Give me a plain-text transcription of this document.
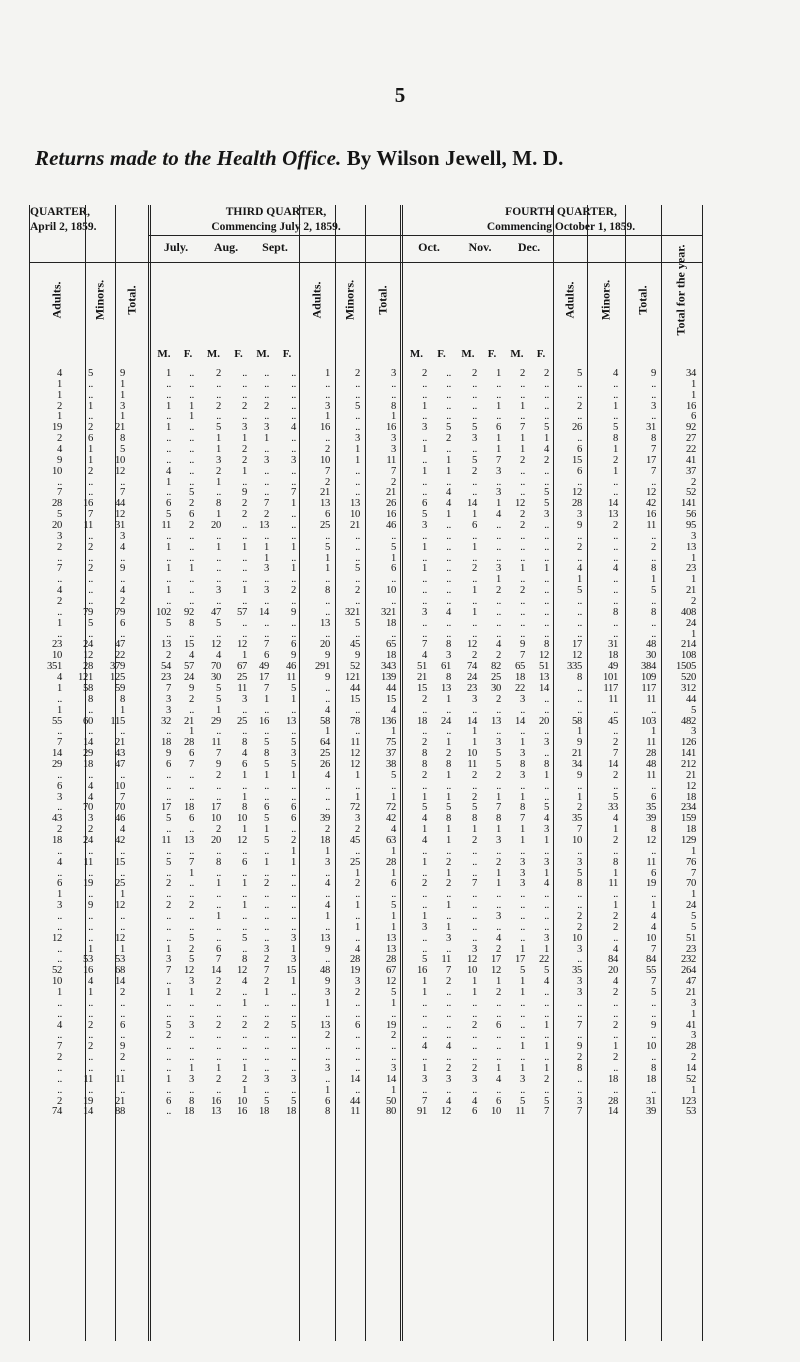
5
Returns made to the Health Office. By Wilson Jewell, M. D.
QUARTER,
April 2, 1859.
THIRD QUARTER,
Commencing July 2, 1859.
FOURTH QUARTER,
Commencing October 1, 1859.
Adults. Minors. Total.	Adults. Minors. Total.	Adults. Minors. Total. Total for the year.
July.	Aug.	Sept.	Oct.	Nov.	Dec.
M.	F.	M.	F.	M.	F.	M.	F.	M.	F.	M.	F.
4	5	9	1	..	2	..	..	..	1	2	3	2	..	2	1	2	2	5	4	9	34
1	..	1	..	..	..	..	..	..	..	..	..	..	..	..	..	..	..	..	..	..	1
1	..	1	..	..	..	..	..	..	..	..	..	..	..	..	..	..	..	..	..	..	1
2	1	3	1	1	2	2	2	..	3	5	8	1	..	..	1	1	..	2	1	3	16
1	..	1	..	1	..	..	..	..	1	..	1	..	..	..	..	..	..	..	..	..	6
19	2	21	1	..	5	3	3	4	16	..	16	3	5	5	6	7	5	26	5	31	92
2	6	8	..	..	1	1	1	..	..	3	3	..	2	3	1	1	1	..	8	8	27
4	1	5	..	..	1	2	..	..	2	1	3	1	..	..	1	1	4	6	1	7	22
9	1	10	..	..	3	2	3	3	10	1	11	..	1	5	7	2	2	15	2	17	41
10	2	12	4	..	2	1	..	..	7	..	7	1	1	2	3	..	..	6	1	7	37
..	..	..	1	..	1	..	..	..	2	..	2	..	..	..	..	..	..	..	..	..	2
7	..	7	..	5	..	9	..	7	21	..	21	..	4	..	3	..	5	12	..	12	52
28	16	44	6	2	8	2	7	1	13	13	26	6	4	14	1	12	5	28	14	42	141
5	7	12	5	6	1	2	2	..	6	10	16	5	1	1	4	2	3	3	13	16	56
20	11	31	11	2	20	..	13	..	25	21	46	3	..	6	..	2	..	9	2	11	95
3	..	3	..	..	..	..	..	..	..	..	..	..	..	..	..	..	..	..	..	..	3
2	2	4	1	..	1	1	1	1	5	..	5	1	..	1	..	..	..	2	..	2	13
..	..	..	..	..	..	..	1	..	1	..	1	..	..	..	..	..	..	..	..	..	1
7	2	9	1	1	..	..	3	1	1	5	6	1	..	2	3	1	1	4	4	8	23
..	..	..	..	..	..	..	..	..	..	..	..	..	..	..	1	..	..	1	..	1	1
4	..	4	1	..	3	1	3	2	8	2	10	..	..	1	2	2	..	5	..	5	21
2	..	2	..	..	..	..	..	..	..	..	..	..	..	..	..	..	..	..	..	..	2
..	79	79	102	92	47	57	14	9	..	321	321	3	4	1	..	..	..	..	8	8	408
1	5	6	5	8	5	..	..	..	13	5	18	..	..	..	..	..	..	..	..	..	24
..	..	..	..	..	..	..	..	..	..	..	..	..	..	..	..	..	..	..	..	..	1
23	24	47	13	15	12	12	7	6	20	45	65	7	8	12	4	9	8	17	31	48	214
10	12	22	2	4	4	1	6	9	9	9	18	4	3	2	2	7	12	12	18	30	108
351	28	379	54	57	70	67	49	46	291	52	343	51	61	74	82	65	51	335	49	384	1505
4	121	125	23	24	30	25	17	11	9	121	139	21	8	24	25	18	13	8	101	109	520
1	58	59	7	9	5	11	7	5	..	44	44	15	13	23	30	22	14	..	117	117	312
..	8	8	3	2	5	3	1	1	..	15	15	2	1	3	2	3	..	..	11	11	44
1	..	1	3	..	1	..	..	..	4	..	4	..	..	..	..	..	..	..	..	..	5
55	60	115	32	21	29	25	16	13	58	78	136	18	24	14	13	14	20	58	45	103	482
..	..	..	..	1	..	..	..	..	1	..	1	..	..	1	..	..	..	1	..	1	3
7	14	21	18	28	11	8	5	5	64	11	75	2	1	1	3	1	3	9	2	11	126
14	29	43	9	6	7	4	8	3	25	12	37	8	2	10	5	3	..	21	7	28	141
29	18	47	6	7	9	6	5	5	26	12	38	8	8	11	5	8	8	34	14	48	212
..	..	..	..	..	2	1	1	1	4	1	5	2	1	2	2	3	1	9	2	11	21
6	4	10	..	..	..	..	..	..	..	..	..	..	..	..	..	..	..	..	..	..	12
3	4	7	..	..	..	1	..	..	..	1	1	1	1	2	1	1	..	1	5	6	18
..	70	70	17	18	17	8	6	6	..	72	72	5	5	5	7	8	5	2	33	35	234
43	3	46	5	6	10	10	5	6	39	3	42	4	8	8	8	7	4	35	4	39	159
2	2	4	..	..	2	1	1	..	2	2	4	1	1	1	1	1	3	7	1	8	18
18	24	42	11	13	20	12	5	2	18	45	63	4	1	2	3	1	1	10	2	12	129
..	..	..	..	..	..	..	..	1	1	..	1	..	..	..	..	..	..	..	..	..	1
4	11	15	5	7	8	6	1	1	3	25	28	1	2	..	2	3	3	3	8	11	76
..	..	..	..	1	..	..	..	..	..	1	1	..	1	..	1	3	1	5	1	6	7
6	19	25	2	..	1	1	2	..	4	2	6	2	2	7	1	3	4	8	11	19	70
1	..	1	..	..	..	..	..	..	..	..	..	..	..	..	..	..	..	..	..	..	1
3	9	12	2	2	..	1	..	..	4	1	5	..	1	..	..	..	..	..	1	1	24
..	..	..	..	..	1	..	..	..	1	..	1	1	..	..	3	..	..	2	2	4	5
..	..	..	..	..	..	..	..	..	..	1	1	3	1	..	..	..	..	2	2	4	5
12	..	12	..	5	..	5	..	3	13	..	13	..	3	..	4	..	3	10	..	10	51
..	1	1	1	2	6	..	3	1	9	4	13	..	..	3	2	1	1	3	4	7	23
..	53	53	3	5	7	8	2	3	..	28	28	5	11	12	17	17	22	..	84	84	232
52	16	68	7	12	14	12	7	15	48	19	67	16	7	10	12	5	5	35	20	55	264
10	4	14	..	3	2	4	2	1	9	3	12	1	2	1	1	1	4	3	4	7	47
1	1	2	1	1	2	..	1	..	3	2	5	1	..	1	2	1	..	3	2	5	21
..	..	..	..	..	..	1	..	..	1	..	1	..	..	..	..	..	..	..	..	..	3
..	..	..	..	..	..	..	..	..	..	..	..	..	..	..	..	..	..	..	..	..	1
4	2	6	5	3	2	2	2	5	13	6	19	..	..	2	6	..	1	7	2	9	41
..	..	..	2	..	..	..	..	..	2	..	2	..	..	..	..	..	..	..	..	..	3
7	2	9	..	..	..	..	..	..	..	..	..	4	4	..	..	1	1	9	1	10	28
2	..	2	..	..	..	..	..	..	..	..	..	..	..	..	..	..	..	2	2	..	2
..	..	..	..	1	1	1	..	..	3	..	3	1	2	2	1	1	1	8	..	8	14
..	11	11	1	3	2	2	3	3	..	14	14	3	3	3	4	3	2	..	18	18	52
..	..	..	..	..	..	1	..	..	1	..	1	..	..	..	..	..	..	..	..	..	1
2	19	21	6	8	16	10	5	5	6	44	50	7	4	4	6	5	5	3	28	31	123
74	14	88	..	18	13	16	18	18	8	11	80	91	12	6	10	11	7	7	14	39	53
